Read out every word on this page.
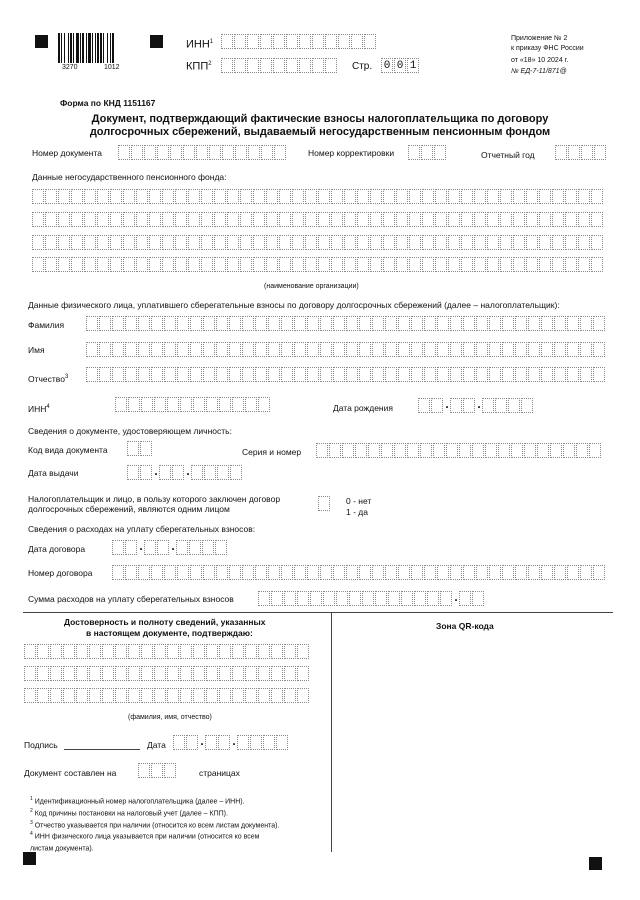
3270	1012
ИНН$^1$
КПП$^2$	Стр. 0 0 1
Приложение № 2
к приказу ФНС России
от «18» 10 2024 г.
№ ЕД-7-11/871@
Форма по КНД 1151167
Документ, подтверждающий фактические взносы налогоплательщика по договору
долгосрочных сбережений, выдаваемый негосударственным пенсионным фондом
Номер документа	Номер корректировки	Отчетный год
Данные негосударственного пенсионного фонда:
(наименование организации)
Данные физического лица, уплатившего сберегательные взносы по договору долгосрочных сбережений (далее – налогоплательщик):
Фамилия
Имя
Отчество$^3$
ИНН$^4$	Дата рождения	. .
Сведения о документе, удостоверяющем личность:
Код вида документа	Серия и номер
Дата выдачи	. .
Налогоплательщик и лицо, в пользу которого заключен договор
долгосрочных сбережений, являются одним лицом
0 - нет
1 - да
Сведения о расходах на уплату сберегательных взносов:
Дата договора	. .
Номер договора
Сумма расходов на уплату сберегательных взносов	.
Достоверность и полноту сведений, указанных
в настоящем документе, подтверждаю:
Зона QR-кода
(фамилия, имя, отчество)
Подпись	Дата	. .
Документ составлен на	страницах
$^1$ Идентификационный номер налогоплательщика (далее – ИНН).
$^2$ Код причины постановки на налоговый учет (далее – КПП).
$^3$ Отчество указывается при наличии (относится ко всем листам документа).
$^4$ ИНН физического лица указывается при наличии (относится ко всем
листам документа).
